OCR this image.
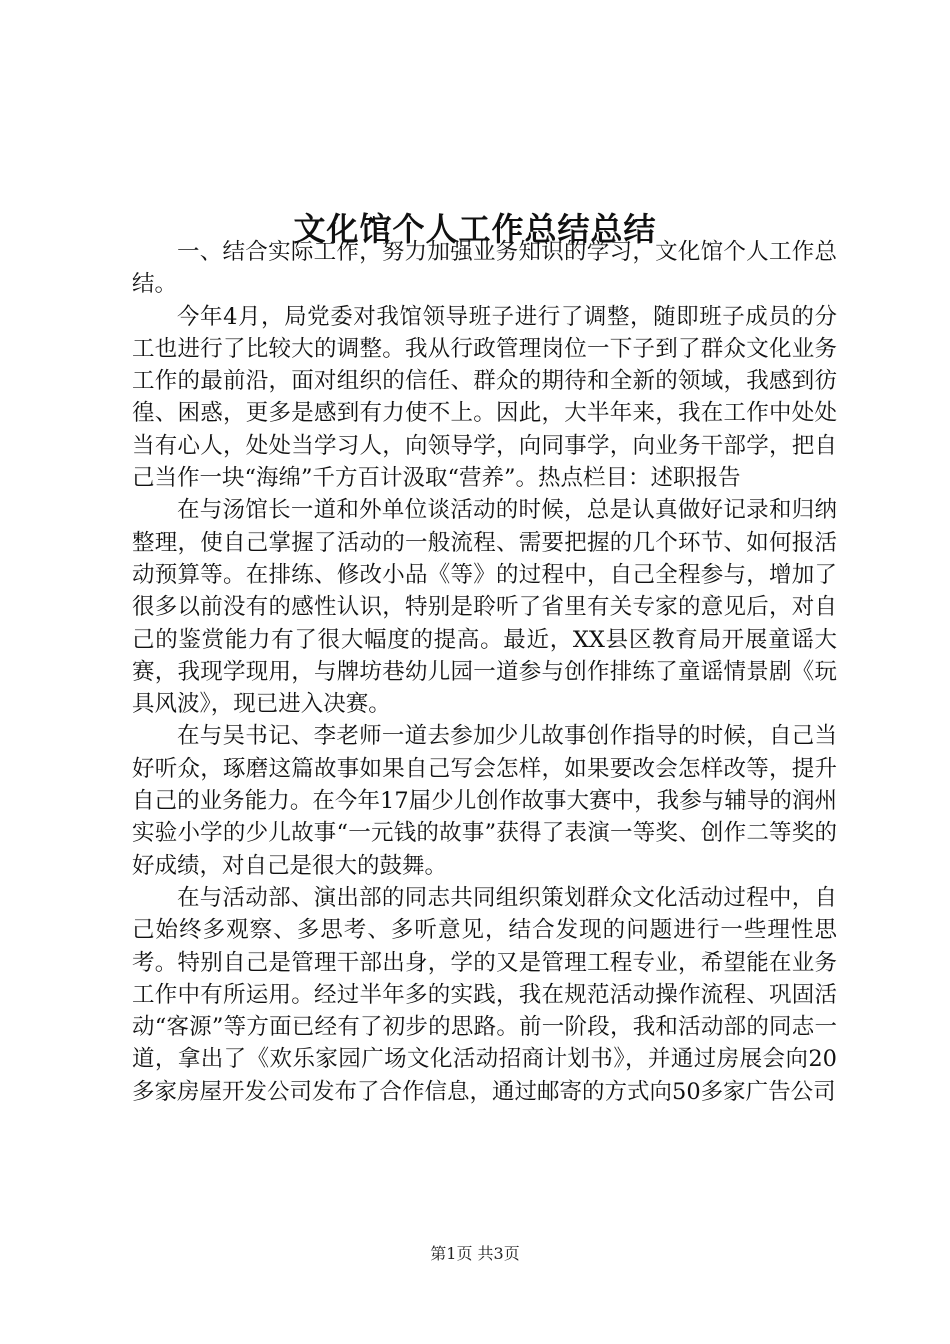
文化馆个人工作总结总结

一、结合实际工作，努力加强业务知识的学习，文化馆个人工作总结。

今年4月，局党委对我馆领导班子进行了调整，随即班子成员的分工也进行了比较大的调整。我从行政管理岗位一下子到了群众文化业务工作的最前沿，面对组织的信任、群众的期待和全新的领域，我感到彷徨、困惑，更多是感到有力使不上。因此，大半年来，我在工作中处处当有心人，处处当学习人，向领导学，向同事学，向业务干部学，把自己当作一块“海绵”千方百计汲取“营养”。热点栏目：述职报告

在与汤馆长一道和外单位谈活动的时候，总是认真做好记录和归纳整理，使自己掌握了活动的一般流程、需要把握的几个环节、如何报活动预算等。在排练、修改小品《等》的过程中，自己全程参与，增加了很多以前没有的感性认识，特别是聆听了省里有关专家的意见后，对自己的鉴赏能力有了很大幅度的提高。最近，XX县区教育局开展童谣大赛，我现学现用，与牌坊巷幼儿园一道参与创作排练了童谣情景剧《玩具风波》，现已进入决赛。

在与吴书记、李老师一道去参加少儿故事创作指导的时候，自己当好听众，琢磨这篇故事如果自己写会怎样，如果要改会怎样改等，提升自己的业务能力。在今年17届少儿创作故事大赛中，我参与辅导的润州实验小学的少儿故事“一元钱的故事”获得了表演一等奖、创作二等奖的好成绩，对自己是很大的鼓舞。

在与活动部、演出部的同志共同组织策划群众文化活动过程中，自己始终多观察、多思考、多听意见，结合发现的问题进行一些理性思考。特别自己是管理干部出身，学的又是管理工程专业，希望能在业务工作中有所运用。经过半年多的实践，我在规范活动操作流程、巩固活动“客源”等方面已经有了初步的思路。前一阶段，我和活动部的同志一道，拿出了《欢乐家园广场文化活动招商计划书》，并通过房展会向20多家房屋开发公司发布了合作信息，通过邮寄的方式向50多家广告公司

第1页 共3页
